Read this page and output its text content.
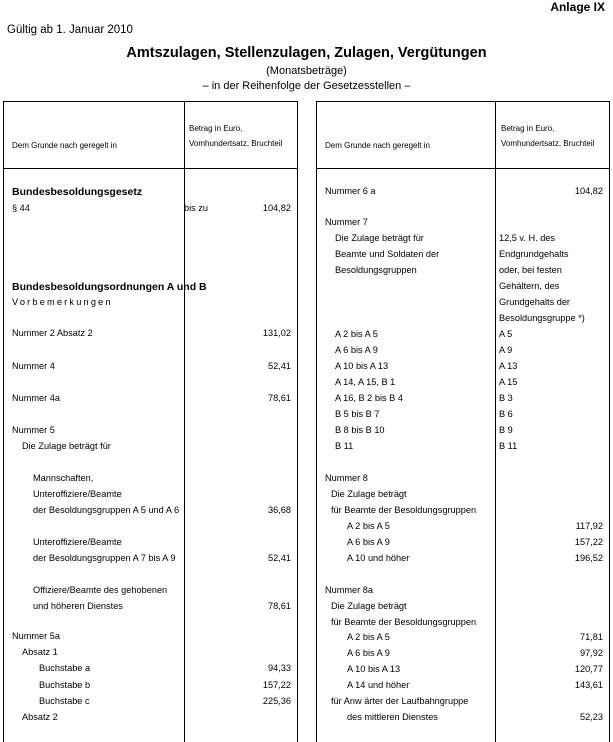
Anlage IX
Gültig ab 1. Januar 2010
Amtszulagen, Stellenzulagen, Zulagen, Vergütungen
(Monatsbeträge)
– in der Reihenfolge der Gesetzesstellen –
Dem Grunde nach geregelt in
Betrag in Euro,
Vomhundertsatz, Bruchteil
Bundesbesoldungsgesetz
§ 44	bis zu	104,82
Bundesbesoldungsordnungen A und B
Vorbemerkungen
Nummer 2 Absatz 2	131,02
Nummer 4	52,41
Nummer 4a	78,61
Nummer 5
Die Zulage beträgt für
Mannschaften,
Unteroffiziere/Beamte
der Besoldungsgruppen A 5 und A 6	36,68
Unteroffiziere/Beamte
der Besoldungsgruppen A 7 bis A 9	52,41
Offiziere/Beamte des gehobenen
und höheren Dienstes	78,61
Nummer 5a
Absatz 1
Buchstabe a	94,33
Buchstabe b	157,22
Buchstabe c	225,36
Absatz 2
Dem Grunde nach geregelt in
Betrag in Euro,
Vomhundertsatz, Bruchteil
Nummer 6 a	104,82
Nummer 7
Die Zulage beträgt für	12,5 v. H. des
Beamte und Soldaten der	Endgrundgehalts
Besoldungsgruppen	oder, bei festen
Gehältern, des
Grundgehalts der
Besoldungsgruppe *)
A 2 bis A 5	A 5
A 6 bis A 9	A 9
A 10 bis A 13	A 13
A 14, A 15, B 1	A 15
A 16, B 2 bis B 4	B 3
B 5 bis B 7	B 6
B 8 bis B 10	B 9
B 11	B 11
Nummer 8
Die Zulage beträgt
für Beamte der Besoldungsgruppen
A 2 bis A 5	117,92
A 6 bis A 9	157,22
A 10 und höher	196,52
Nummer 8a
Die Zulage beträgt
für Beamte der Besoldungsgruppen
A 2 bis A 5	71,81
A 6 bis A 9	97,92
A 10 bis A 13	120,77
A 14 und höher	143,61
für Anw ärter der Laufbahngruppe
des mittleren Dienstes	52,23
